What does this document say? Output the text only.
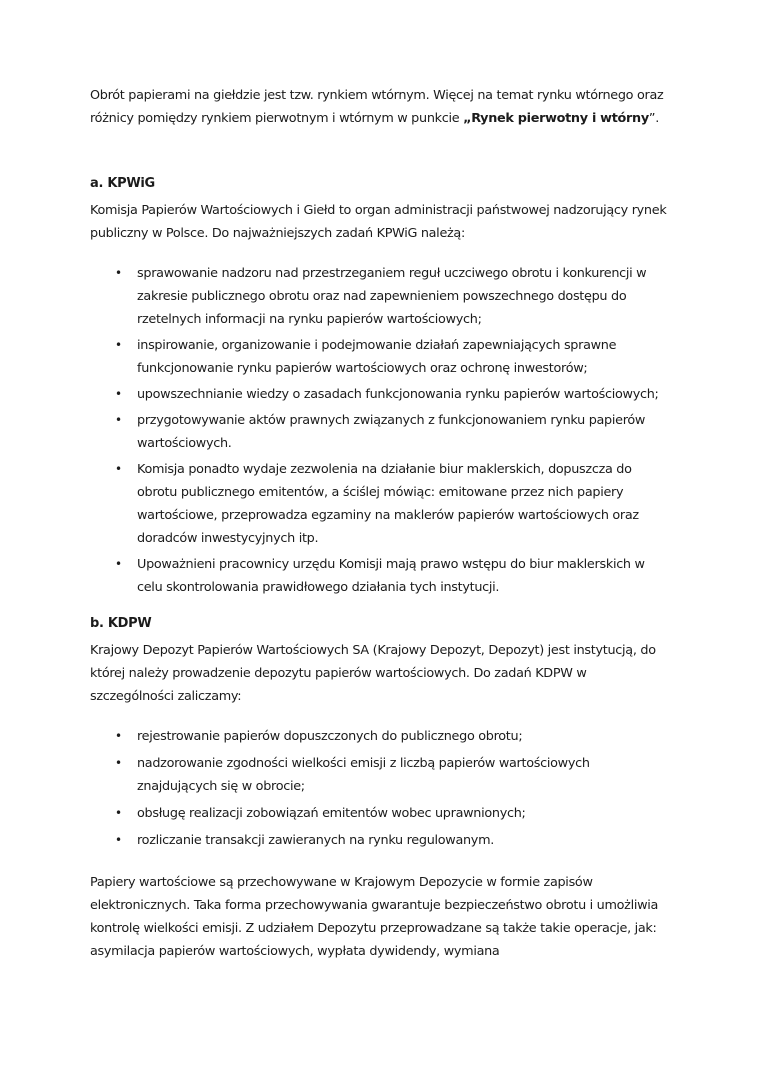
Obrót papierami na giełdzie jest tzw. rynkiem wtórnym. Więcej na temat rynku wtórnego oraz różnicy pomiędzy rynkiem pierwotnym i wtórnym w punkcie „Rynek pierwotny i wtórny”.

a. KPWiG

Komisja Papierów Wartościowych i Giełd to organ administracji państwowej nadzorujący rynek publiczny w Polsce. Do najważniejszych zadań KPWiG należą:

• sprawowanie nadzoru nad przestrzeganiem reguł uczciwego obrotu i konkurencji w zakresie publicznego obrotu oraz nad zapewnieniem powszechnego dostępu do rzetelnych informacji na rynku papierów wartościowych;
• inspirowanie, organizowanie i podejmowanie działań zapewniających sprawne funkcjonowanie rynku papierów wartościowych oraz ochronę inwestorów;
• upowszechnianie wiedzy o zasadach funkcjonowania rynku papierów wartościowych;
• przygotowywanie aktów prawnych związanych z funkcjonowaniem rynku papierów wartościowych.
• Komisja ponadto wydaje zezwolenia na działanie biur maklerskich, dopuszcza do obrotu publicznego emitentów, a ściślej mówiąc: emitowane przez nich papiery wartościowe, przeprowadza egzaminy na maklerów papierów wartościowych oraz doradców inwestycyjnych itp.
• Upoważnieni pracownicy urzędu Komisji mają prawo wstępu do biur maklerskich w celu skontrolowania prawidłowego działania tych instytucji.
b. KDPW

Krajowy Depozyt Papierów Wartościowych SA (Krajowy Depozyt, Depozyt) jest instytucją, do której należy prowadzenie depozytu papierów wartościowych. Do zadań KDPW w szczególności zaliczamy:

• rejestrowanie papierów dopuszczonych do publicznego obrotu;
• nadzorowanie zgodności wielkości emisji z liczbą papierów wartościowych znajdujących się w obrocie;
• obsługę realizacji zobowiązań emitentów wobec uprawnionych;
• rozliczanie transakcji zawieranych na rynku regulowanym.

Papiery wartościowe są przechowywane w Krajowym Depozycie w formie zapisów elektronicznych. Taka forma przechowywania gwarantuje bezpieczeństwo obrotu i umożliwia kontrolę wielkości emisji. Z udziałem Depozytu przeprowadzane są także takie operacje, jak: asymilacja papierów wartościowych, wypłata dywidendy, wymiana
